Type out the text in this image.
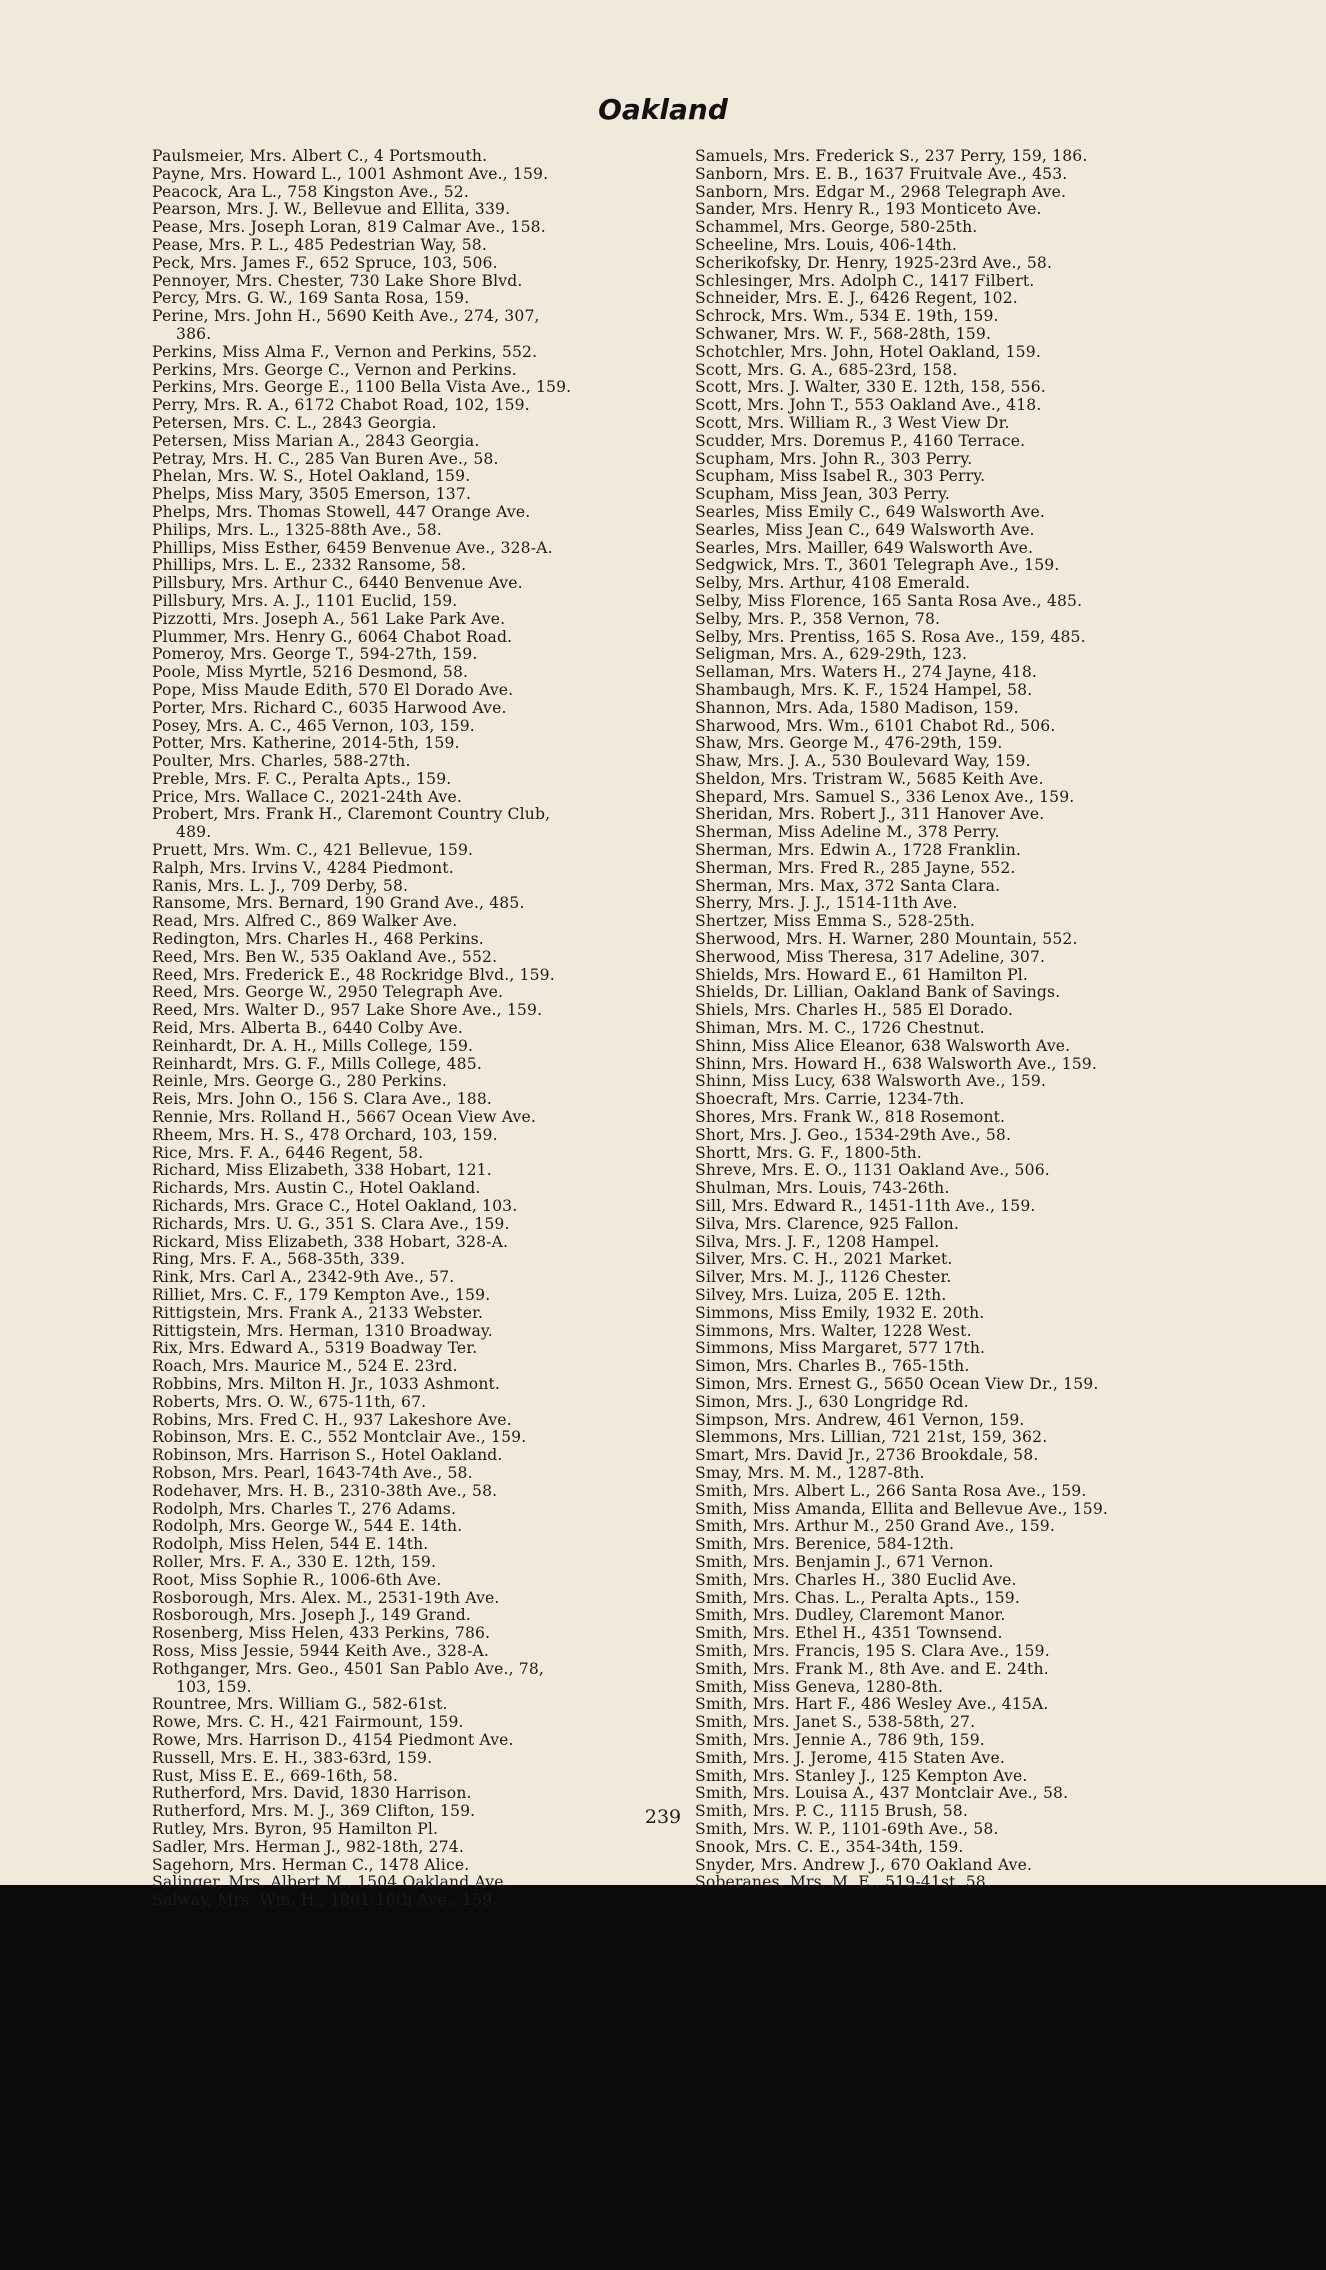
Oakland
Paulsmeier, Mrs. Albert C., 4 Portsmouth.
Payne, Mrs. Howard L., 1001 Ashmont Ave., 159.
Peacock, Ara L., 758 Kingston Ave., 52.
Pearson, Mrs. J. W., Bellevue and Ellita, 339.
Pease, Mrs. Joseph Loran, 819 Calmar Ave., 158.
Pease, Mrs. P. L., 485 Pedestrian Way, 58.
Peck, Mrs. James F., 652 Spruce, 103, 506.
Pennoyer, Mrs. Chester, 730 Lake Shore Blvd.
Percy, Mrs. G. W., 169 Santa Rosa, 159.
Perine, Mrs. John H., 5690 Keith Ave., 274, 307,
386.
Perkins, Miss Alma F., Vernon and Perkins, 552.
Perkins, Mrs. George C., Vernon and Perkins.
Perkins, Mrs. George E., 1100 Bella Vista Ave., 159.
Perry, Mrs. R. A., 6172 Chabot Road, 102, 159.
Petersen, Mrs. C. L., 2843 Georgia.
Petersen, Miss Marian A., 2843 Georgia.
Petray, Mrs. H. C., 285 Van Buren Ave., 58.
Phelan, Mrs. W. S., Hotel Oakland, 159.
Phelps, Miss Mary, 3505 Emerson, 137.
Phelps, Mrs. Thomas Stowell, 447 Orange Ave.
Philips, Mrs. L., 1325-88th Ave., 58.
Phillips, Miss Esther, 6459 Benvenue Ave., 328-A.
Phillips, Mrs. L. E., 2332 Ransome, 58.
Pillsbury, Mrs. Arthur C., 6440 Benvenue Ave.
Pillsbury, Mrs. A. J., 1101 Euclid, 159.
Pizzotti, Mrs. Joseph A., 561 Lake Park Ave.
Plummer, Mrs. Henry G., 6064 Chabot Road.
Pomeroy, Mrs. George T., 594-27th, 159.
Poole, Miss Myrtle, 5216 Desmond, 58.
Pope, Miss Maude Edith, 570 El Dorado Ave.
Porter, Mrs. Richard C., 6035 Harwood Ave.
Posey, Mrs. A. C., 465 Vernon, 103, 159.
Potter, Mrs. Katherine, 2014-5th, 159.
Poulter, Mrs. Charles, 588-27th.
Preble, Mrs. F. C., Peralta Apts., 159.
Price, Mrs. Wallace C., 2021-24th Ave.
Probert, Mrs. Frank H., Claremont Country Club,
489.
Pruett, Mrs. Wm. C., 421 Bellevue, 159.
Ralph, Mrs. Irvins V., 4284 Piedmont.
Ranis, Mrs. L. J., 709 Derby, 58.
Ransome, Mrs. Bernard, 190 Grand Ave., 485.
Read, Mrs. Alfred C., 869 Walker Ave.
Redington, Mrs. Charles H., 468 Perkins.
Reed, Mrs. Ben W., 535 Oakland Ave., 552.
Reed, Mrs. Frederick E., 48 Rockridge Blvd., 159.
Reed, Mrs. George W., 2950 Telegraph Ave.
Reed, Mrs. Walter D., 957 Lake Shore Ave., 159.
Reid, Mrs. Alberta B., 6440 Colby Ave.
Reinhardt, Dr. A. H., Mills College, 159.
Reinhardt, Mrs. G. F., Mills College, 485.
Reinle, Mrs. George G., 280 Perkins.
Reis, Mrs. John O., 156 S. Clara Ave., 188.
Rennie, Mrs. Rolland H., 5667 Ocean View Ave.
Rheem, Mrs. H. S., 478 Orchard, 103, 159.
Rice, Mrs. F. A., 6446 Regent, 58.
Richard, Miss Elizabeth, 338 Hobart, 121.
Richards, Mrs. Austin C., Hotel Oakland.
Richards, Mrs. Grace C., Hotel Oakland, 103.
Richards, Mrs. U. G., 351 S. Clara Ave., 159.
Rickard, Miss Elizabeth, 338 Hobart, 328-A.
Ring, Mrs. F. A., 568-35th, 339.
Rink, Mrs. Carl A., 2342-9th Ave., 57.
Rilliet, Mrs. C. F., 179 Kempton Ave., 159.
Rittigstein, Mrs. Frank A., 2133 Webster.
Rittigstein, Mrs. Herman, 1310 Broadway.
Rix, Mrs. Edward A., 5319 Boadway Ter.
Roach, Mrs. Maurice M., 524 E. 23rd.
Robbins, Mrs. Milton H. Jr., 1033 Ashmont.
Roberts, Mrs. O. W., 675-11th, 67.
Robins, Mrs. Fred C. H., 937 Lakeshore Ave.
Robinson, Mrs. E. C., 552 Montclair Ave., 159.
Robinson, Mrs. Harrison S., Hotel Oakland.
Robson, Mrs. Pearl, 1643-74th Ave., 58.
Rodehaver, Mrs. H. B., 2310-38th Ave., 58.
Rodolph, Mrs. Charles T., 276 Adams.
Rodolph, Mrs. George W., 544 E. 14th.
Rodolph, Miss Helen, 544 E. 14th.
Roller, Mrs. F. A., 330 E. 12th, 159.
Root, Miss Sophie R., 1006-6th Ave.
Rosborough, Mrs. Alex. M., 2531-19th Ave.
Rosborough, Mrs. Joseph J., 149 Grand.
Rosenberg, Miss Helen, 433 Perkins, 786.
Ross, Miss Jessie, 5944 Keith Ave., 328-A.
Rothganger, Mrs. Geo., 4501 San Pablo Ave., 78,
103, 159.
Rountree, Mrs. William G., 582-61st.
Rowe, Mrs. C. H., 421 Fairmount, 159.
Rowe, Mrs. Harrison D., 4154 Piedmont Ave.
Russell, Mrs. E. H., 383-63rd, 159.
Rust, Miss E. E., 669-16th, 58.
Rutherford, Mrs. David, 1830 Harrison.
Rutherford, Mrs. M. J., 369 Clifton, 159.
Rutley, Mrs. Byron, 95 Hamilton Pl.
Sadler, Mrs. Herman J., 982-18th, 274.
Sagehorn, Mrs. Herman C., 1478 Alice.
Salinger, Mrs. Albert M., 1504 Oakland Ave.
Salway, Mrs. Wm. H., 1801-10th Ave., 159.
Samuels, Mrs. Frederick S., 237 Perry, 159, 186.
Sanborn, Mrs. E. B., 1637 Fruitvale Ave., 453.
Sanborn, Mrs. Edgar M., 2968 Telegraph Ave.
Sander, Mrs. Henry R., 193 Monticeto Ave.
Schammel, Mrs. George, 580-25th.
Scheeline, Mrs. Louis, 406-14th.
Scherikofsky, Dr. Henry, 1925-23rd Ave., 58.
Schlesinger, Mrs. Adolph C., 1417 Filbert.
Schneider, Mrs. E. J., 6426 Regent, 102.
Schrock, Mrs. Wm., 534 E. 19th, 159.
Schwaner, Mrs. W. F., 568-28th, 159.
Schotchler, Mrs. John, Hotel Oakland, 159.
Scott, Mrs. G. A., 685-23rd, 158.
Scott, Mrs. J. Walter, 330 E. 12th, 158, 556.
Scott, Mrs. John T., 553 Oakland Ave., 418.
Scott, Mrs. William R., 3 West View Dr.
Scudder, Mrs. Doremus P., 4160 Terrace.
Scupham, Mrs. John R., 303 Perry.
Scupham, Miss Isabel R., 303 Perry.
Scupham, Miss Jean, 303 Perry.
Searles, Miss Emily C., 649 Walsworth Ave.
Searles, Miss Jean C., 649 Walsworth Ave.
Searles, Mrs. Mailler, 649 Walsworth Ave.
Sedgwick, Mrs. T., 3601 Telegraph Ave., 159.
Selby, Mrs. Arthur, 4108 Emerald.
Selby, Miss Florence, 165 Santa Rosa Ave., 485.
Selby, Mrs. P., 358 Vernon, 78.
Selby, Mrs. Prentiss, 165 S. Rosa Ave., 159, 485.
Seligman, Mrs. A., 629-29th, 123.
Sellaman, Mrs. Waters H., 274 Jayne, 418.
Shambaugh, Mrs. K. F., 1524 Hampel, 58.
Shannon, Mrs. Ada, 1580 Madison, 159.
Sharwood, Mrs. Wm., 6101 Chabot Rd., 506.
Shaw, Mrs. George M., 476-29th, 159.
Shaw, Mrs. J. A., 530 Boulevard Way, 159.
Sheldon, Mrs. Tristram W., 5685 Keith Ave.
Shepard, Mrs. Samuel S., 336 Lenox Ave., 159.
Sheridan, Mrs. Robert J., 311 Hanover Ave.
Sherman, Miss Adeline M., 378 Perry.
Sherman, Mrs. Edwin A., 1728 Franklin.
Sherman, Mrs. Fred R., 285 Jayne, 552.
Sherman, Mrs. Max, 372 Santa Clara.
Sherry, Mrs. J. J., 1514-11th Ave.
Shertzer, Miss Emma S., 528-25th.
Sherwood, Mrs. H. Warner, 280 Mountain, 552.
Sherwood, Miss Theresa, 317 Adeline, 307.
Shields, Mrs. Howard E., 61 Hamilton Pl.
Shields, Dr. Lillian, Oakland Bank of Savings.
Shiels, Mrs. Charles H., 585 El Dorado.
Shiman, Mrs. M. C., 1726 Chestnut.
Shinn, Miss Alice Eleanor, 638 Walsworth Ave.
Shinn, Mrs. Howard H., 638 Walsworth Ave., 159.
Shinn, Miss Lucy, 638 Walsworth Ave., 159.
Shoecraft, Mrs. Carrie, 1234-7th.
Shores, Mrs. Frank W., 818 Rosemont.
Short, Mrs. J. Geo., 1534-29th Ave., 58.
Shortt, Mrs. G. F., 1800-5th.
Shreve, Mrs. E. O., 1131 Oakland Ave., 506.
Shulman, Mrs. Louis, 743-26th.
Sill, Mrs. Edward R., 1451-11th Ave., 159.
Silva, Mrs. Clarence, 925 Fallon.
Silva, Mrs. J. F., 1208 Hampel.
Silver, Mrs. C. H., 2021 Market.
Silver, Mrs. M. J., 1126 Chester.
Silvey, Mrs. Luiza, 205 E. 12th.
Simmons, Miss Emily, 1932 E. 20th.
Simmons, Mrs. Walter, 1228 West.
Simmons, Miss Margaret, 577 17th.
Simon, Mrs. Charles B., 765-15th.
Simon, Mrs. Ernest G., 5650 Ocean View Dr., 159.
Simon, Mrs. J., 630 Longridge Rd.
Simpson, Mrs. Andrew, 461 Vernon, 159.
Slemmons, Mrs. Lillian, 721 21st, 159, 362.
Smart, Mrs. David Jr., 2736 Brookdale, 58.
Smay, Mrs. M. M., 1287-8th.
Smith, Mrs. Albert L., 266 Santa Rosa Ave., 159.
Smith, Miss Amanda, Ellita and Bellevue Ave., 159.
Smith, Mrs. Arthur M., 250 Grand Ave., 159.
Smith, Mrs. Berenice, 584-12th.
Smith, Mrs. Benjamin J., 671 Vernon.
Smith, Mrs. Charles H., 380 Euclid Ave.
Smith, Mrs. Chas. L., Peralta Apts., 159.
Smith, Mrs. Dudley, Claremont Manor.
Smith, Mrs. Ethel H., 4351 Townsend.
Smith, Mrs. Francis, 195 S. Clara Ave., 159.
Smith, Mrs. Frank M., 8th Ave. and E. 24th.
Smith, Miss Geneva, 1280-8th.
Smith, Mrs. Hart F., 486 Wesley Ave., 415A.
Smith, Mrs. Janet S., 538-58th, 27.
Smith, Mrs. Jennie A., 786 9th, 159.
Smith, Mrs. J. Jerome, 415 Staten Ave.
Smith, Mrs. Stanley J., 125 Kempton Ave.
Smith, Mrs. Louisa A., 437 Montclair Ave., 58.
Smith, Mrs. P. C., 1115 Brush, 58.
Smith, Mrs. W. P., 1101-69th Ave., 58.
Snook, Mrs. C. E., 354-34th, 159.
Snyder, Mrs. Andrew J., 670 Oakland Ave.
Soberanes, Mrs. M. E., 519-41st, 58.
239
